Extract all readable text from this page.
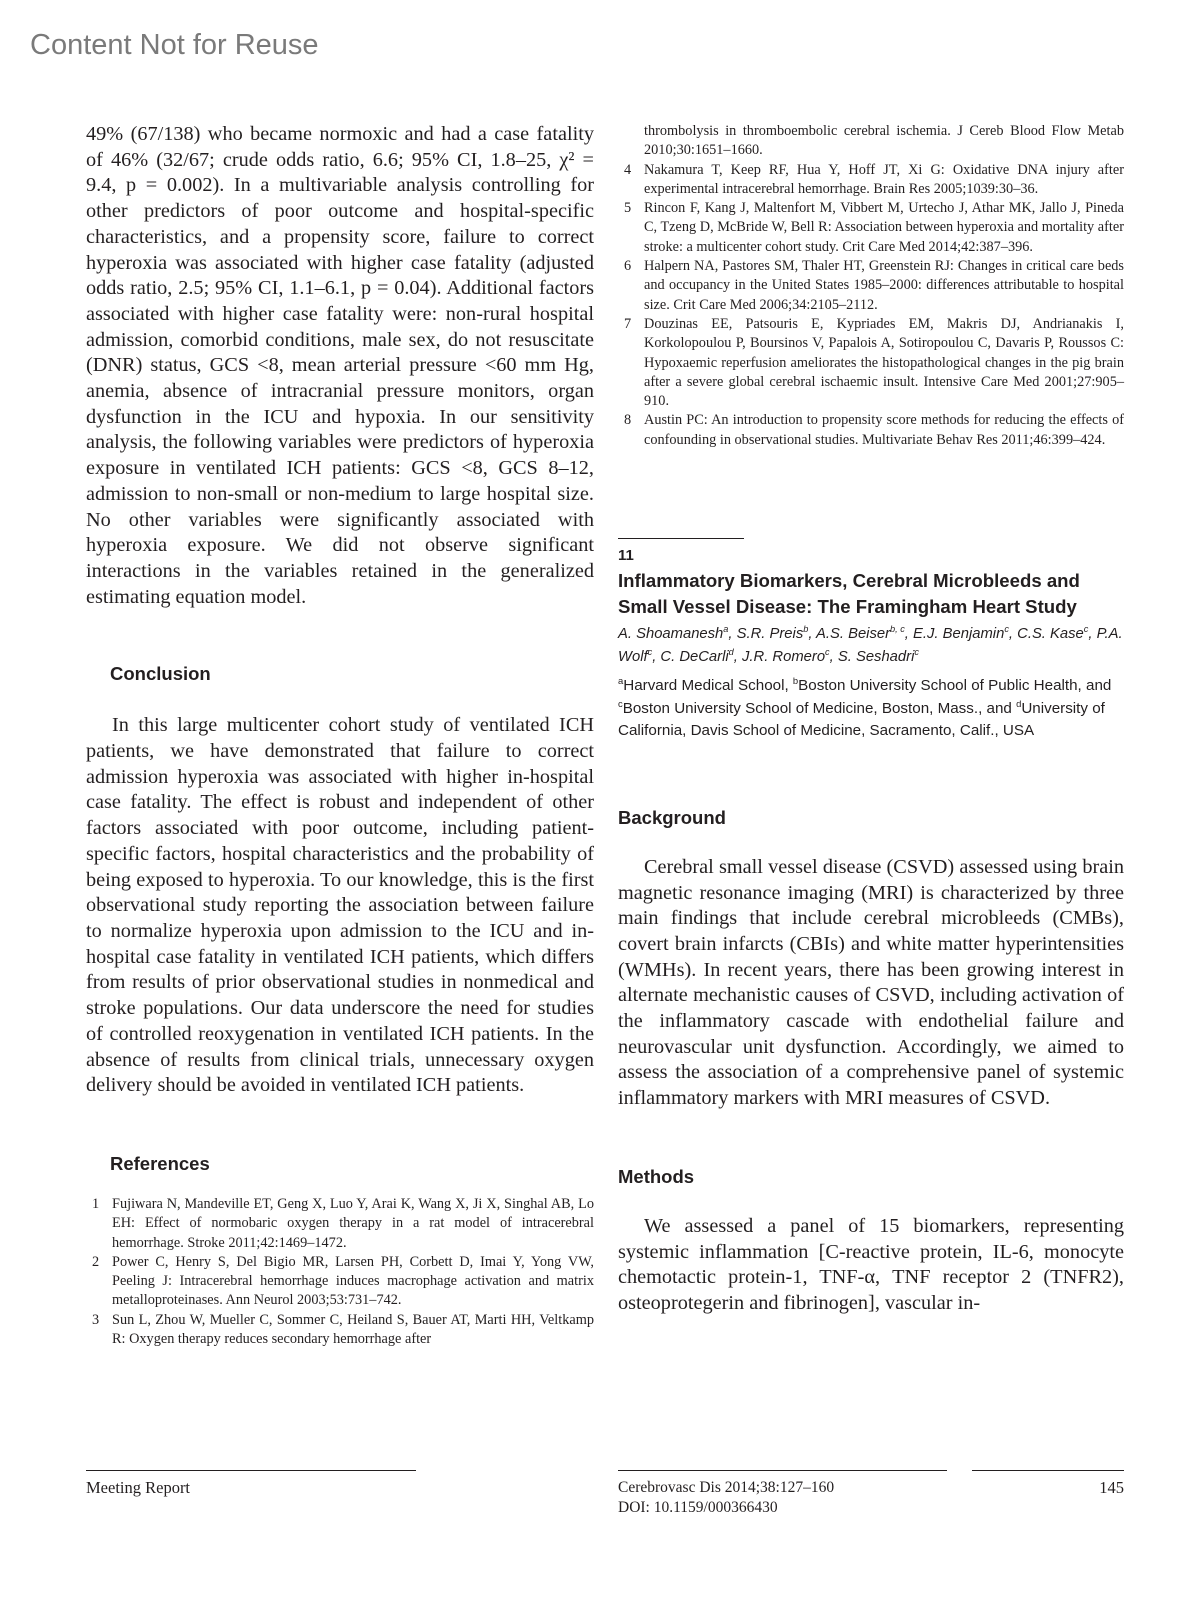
Content Not for Reuse

49% (67/138) who became normoxic and had a case fatality of 46% (32/67; crude odds ratio, 6.6; 95% CI, 1.8–25, χ² = 9.4, p = 0.002). In a multivariable analysis controlling for other predictors of poor outcome and hospital-specific characteristics, and a propensity score, failure to correct hyperoxia was associated with higher case fatality (adjusted odds ratio, 2.5; 95% CI, 1.1–6.1, p = 0.04). Additional factors associated with higher case fatality were: non-rural hospital admission, comorbid conditions, male sex, do not resuscitate (DNR) status, GCS <8, mean arterial pressure <60 mm Hg, anemia, absence of intracranial pressure monitors, organ dysfunction in the ICU and hypoxia. In our sensitivity analysis, the following variables were predictors of hyperoxia exposure in ventilated ICH patients: GCS <8, GCS 8–12, admission to non-small or non-medium to large hospital size. No other variables were significantly associated with hyperoxia exposure. We did not observe significant interactions in the variables retained in the generalized estimating equation model.

Conclusion

In this large multicenter cohort study of ventilated ICH patients, we have demonstrated that failure to correct admission hyperoxia was associated with higher in-hospital case fatality. The effect is robust and independent of other factors associated with poor outcome, including patient-specific factors, hospital characteristics and the probability of being exposed to hyperoxia. To our knowledge, this is the first observational study reporting the association between failure to normalize hyperoxia upon admission to the ICU and in-hospital case fatality in ventilated ICH patients, which differs from results of prior observational studies in nonmedical and stroke populations. Our data underscore the need for studies of controlled reoxygenation in ventilated ICH patients. In the absence of results from clinical trials, unnecessary oxygen delivery should be avoided in ventilated ICH patients.

References
1 Fujiwara N, Mandeville ET, Geng X, Luo Y, Arai K, Wang X, Ji X, Singhal AB, Lo EH: Effect of normobaric oxygen therapy in a rat model of intracerebral hemorrhage. Stroke 2011;42:1469–1472.
2 Power C, Henry S, Del Bigio MR, Larsen PH, Corbett D, Imai Y, Yong VW, Peeling J: Intracerebral hemorrhage induces macrophage activation and matrix metalloproteinases. Ann Neurol 2003;53:731–742.
3 Sun L, Zhou W, Mueller C, Sommer C, Heiland S, Bauer AT, Marti HH, Veltkamp R: Oxygen therapy reduces secondary hemorrhage after
thrombolysis in thromboembolic cerebral ischemia. J Cereb Blood Flow Metab 2010;30:1651–1660.
4 Nakamura T, Keep RF, Hua Y, Hoff JT, Xi G: Oxidative DNA injury after experimental intracerebral hemorrhage. Brain Res 2005;1039:30–36.
5 Rincon F, Kang J, Maltenfort M, Vibbert M, Urtecho J, Athar MK, Jallo J, Pineda C, Tzeng D, McBride W, Bell R: Association between hyperoxia and mortality after stroke: a multicenter cohort study. Crit Care Med 2014;42:387–396.
6 Halpern NA, Pastores SM, Thaler HT, Greenstein RJ: Changes in critical care beds and occupancy in the United States 1985–2000: differences attributable to hospital size. Crit Care Med 2006;34:2105–2112.
7 Douzinas EE, Patsouris E, Kypriades EM, Makris DJ, Andrianakis I, Korkolopoulou P, Boursinos V, Papalois A, Sotiropoulou C, Davaris P, Roussos C: Hypoxaemic reperfusion ameliorates the histopathological changes in the pig brain after a severe global cerebral ischaemic insult. Intensive Care Med 2001;27:905–910.
8 Austin PC: An introduction to propensity score methods for reducing the effects of confounding in observational studies. Multivariate Behav Res 2011;46:399–424.

11

Inflammatory Biomarkers, Cerebral Microbleeds and Small Vessel Disease: The Framingham Heart Study

A. Shoamanesh$^a$, S.R. Preis$^b$, A.S. Beiser$^{b, c}$, E.J. Benjamin$^c$, C.S. Kase$^c$, P.A. Wolf$^c$, C. DeCarli$^d$, J.R. Romero$^c$, S. Seshadri$^c$

$^a$Harvard Medical School, $^b$Boston University School of Public Health, and $^c$Boston University School of Medicine, Boston, Mass., and $^d$University of California, Davis School of Medicine, Sacramento, Calif., USA

Background

Cerebral small vessel disease (CSVD) assessed using brain magnetic resonance imaging (MRI) is characterized by three main findings that include cerebral microbleeds (CMBs), covert brain infarcts (CBIs) and white matter hyperintensities (WMHs). In recent years, there has been growing interest in alternate mechanistic causes of CSVD, including activation of the inflammatory cascade with endothelial failure and neurovascular unit dysfunction. Accordingly, we aimed to assess the association of a comprehensive panel of systemic inflammatory markers with MRI measures of CSVD.

Methods

We assessed a panel of 15 biomarkers, representing systemic inflammation [C-reactive protein, IL-6, monocyte chemotactic protein-1, TNF-α, TNF receptor 2 (TNFR2), osteoprotegerin and fibrinogen], vascular in-

Meeting Report	Cerebrovasc Dis 2014;38:127–160

DOI: 10.1159/000366430

145
